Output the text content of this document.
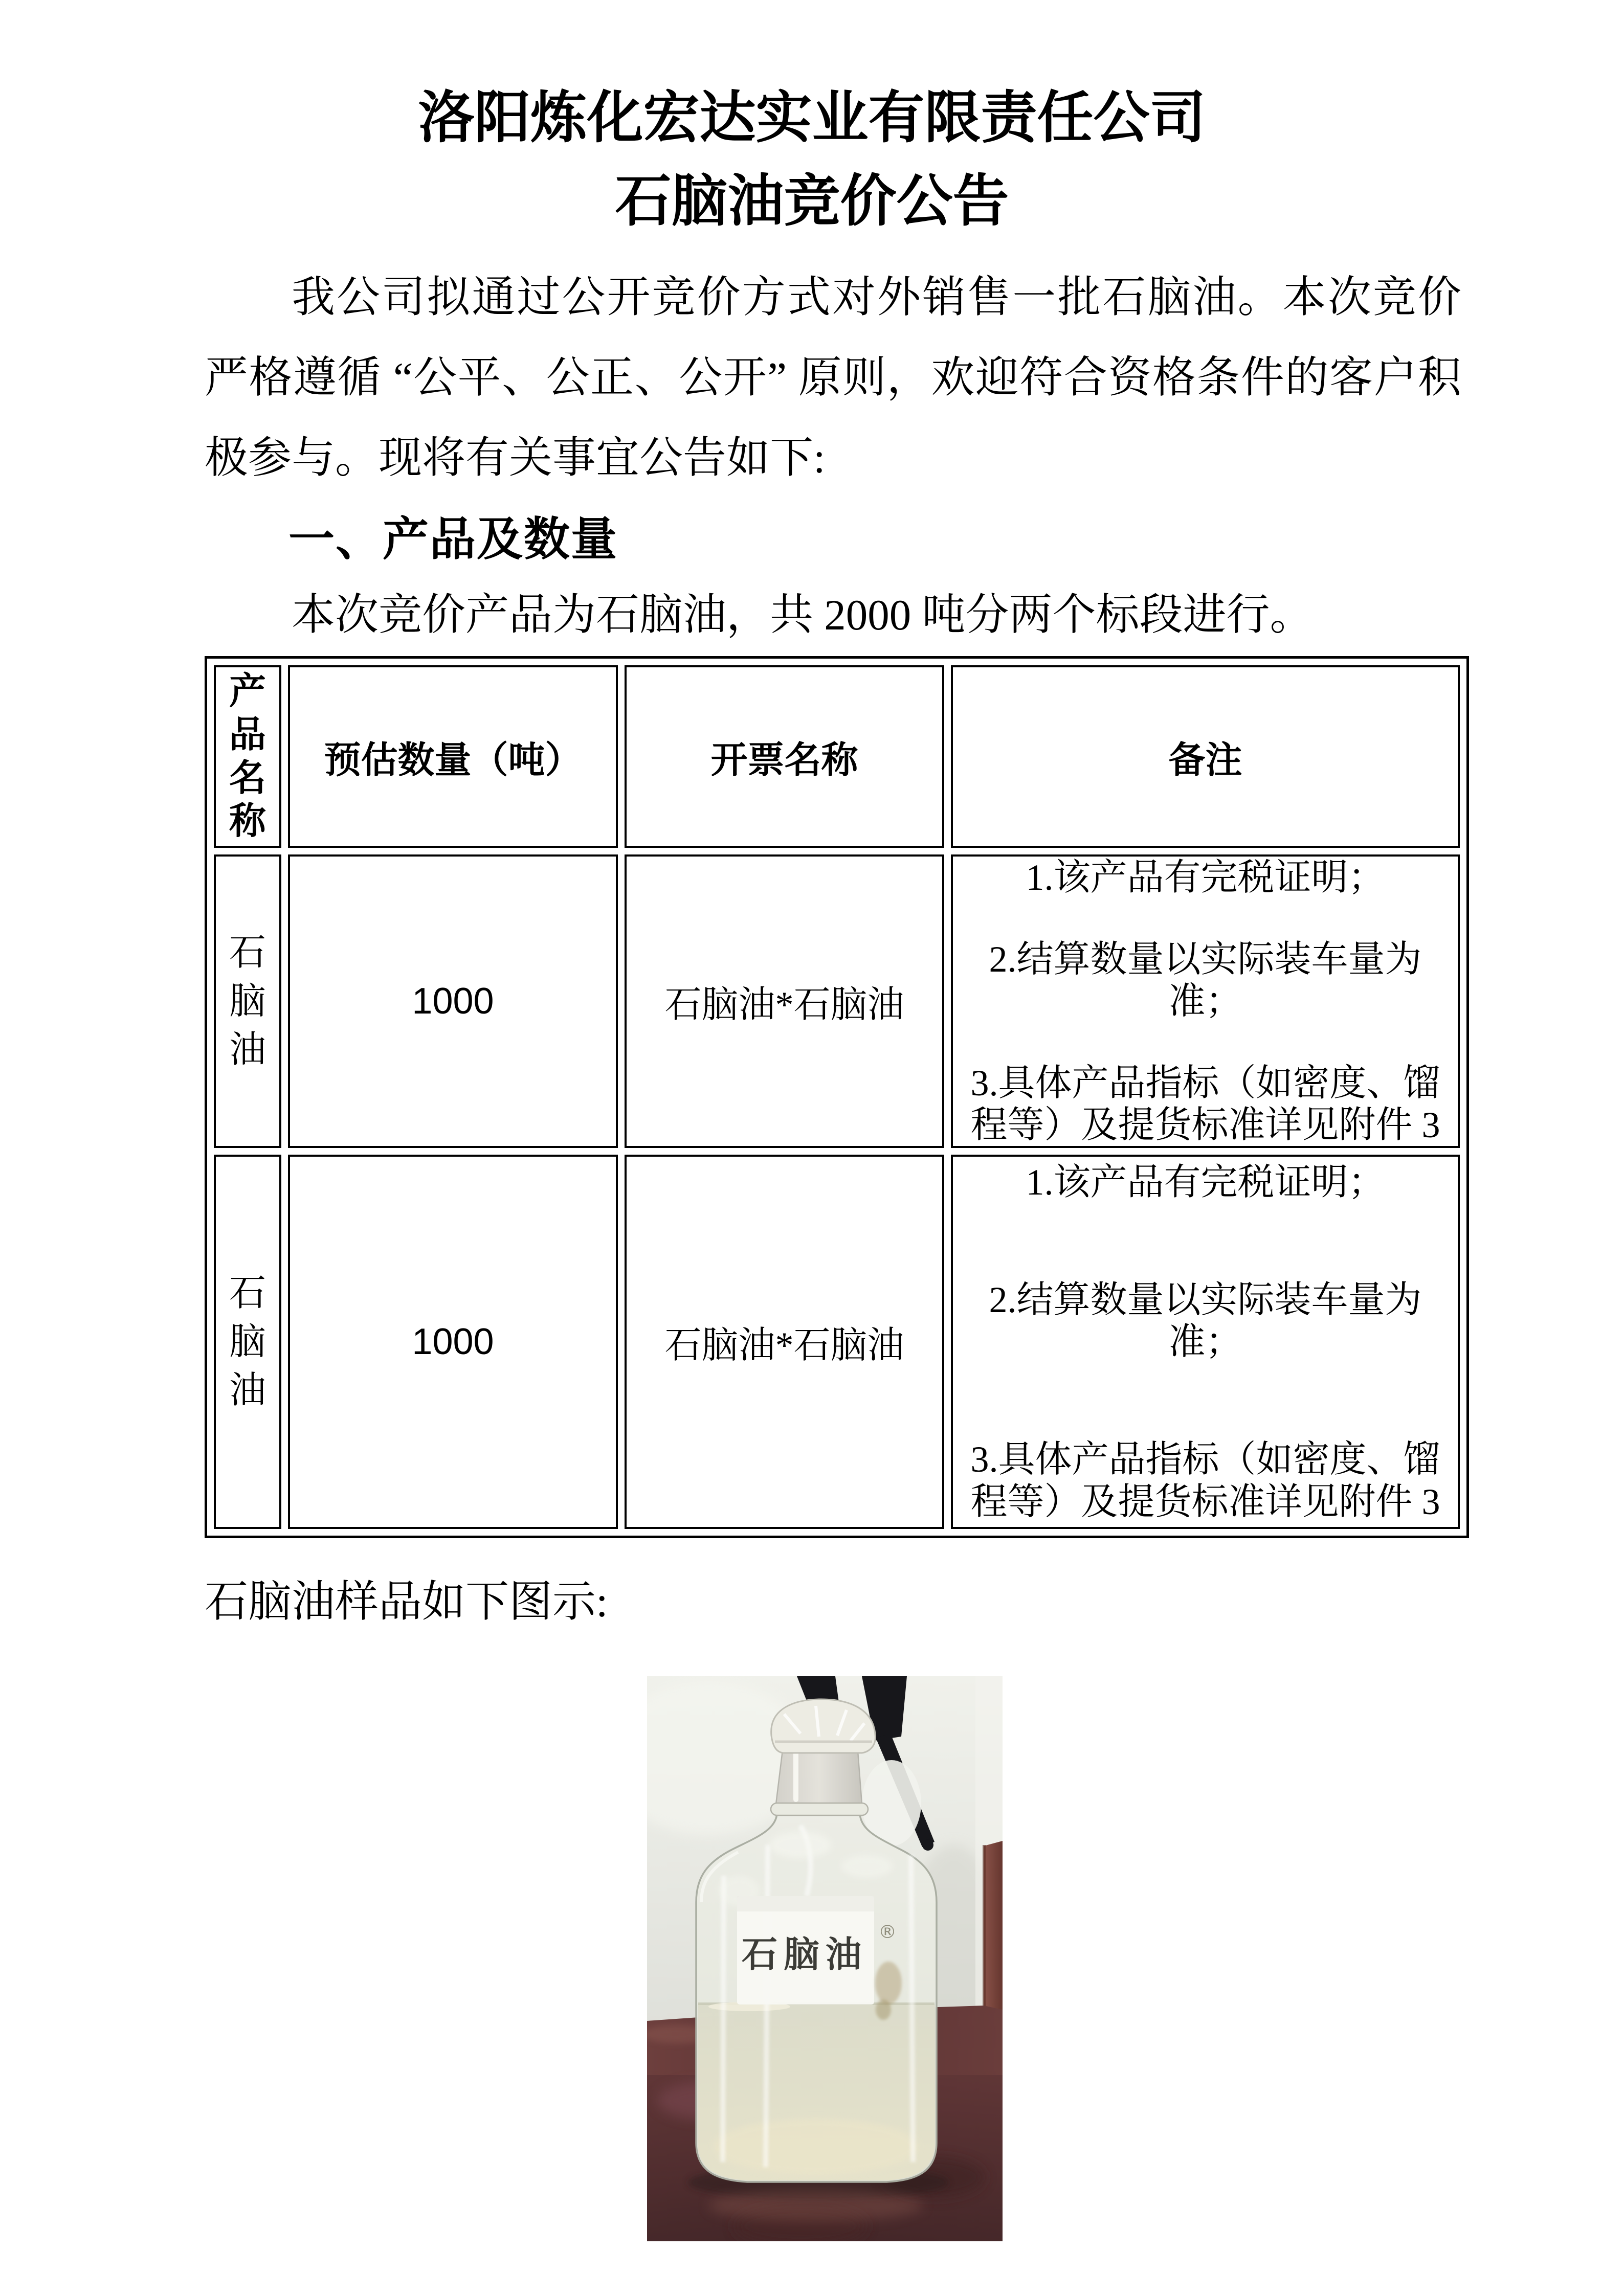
洛阳炼化宏达实业有限责任公司
石脑油竞价公告

我公司拟通过公开竞价方式对外销售一批石脑油。本次竞价严格遵循 “公平、公正、公开” 原则，欢迎符合资格条件的客户积极参与。现将有关事宜公告如下:

一、产品及数量

本次竞价产品为石脑油，共 2000 吨分两个标段进行。

产品名称	预估数量（吨）	开票名称	备注
石脑油	1000	石脑油*石脑油	1.该产品有完税证明；

2.结算数量以实际装车量为准；

3.具体产品指标（如密度、馏程等）及提货标准详见附件 3

石脑油	1000	石脑油*石脑油	1.该产品有完税证明；

2.结算数量以实际装车量为准；

3.具体产品指标（如密度、馏程等）及提货标准详见附件 3

石脑油样品如下图示:

石脑油
®
